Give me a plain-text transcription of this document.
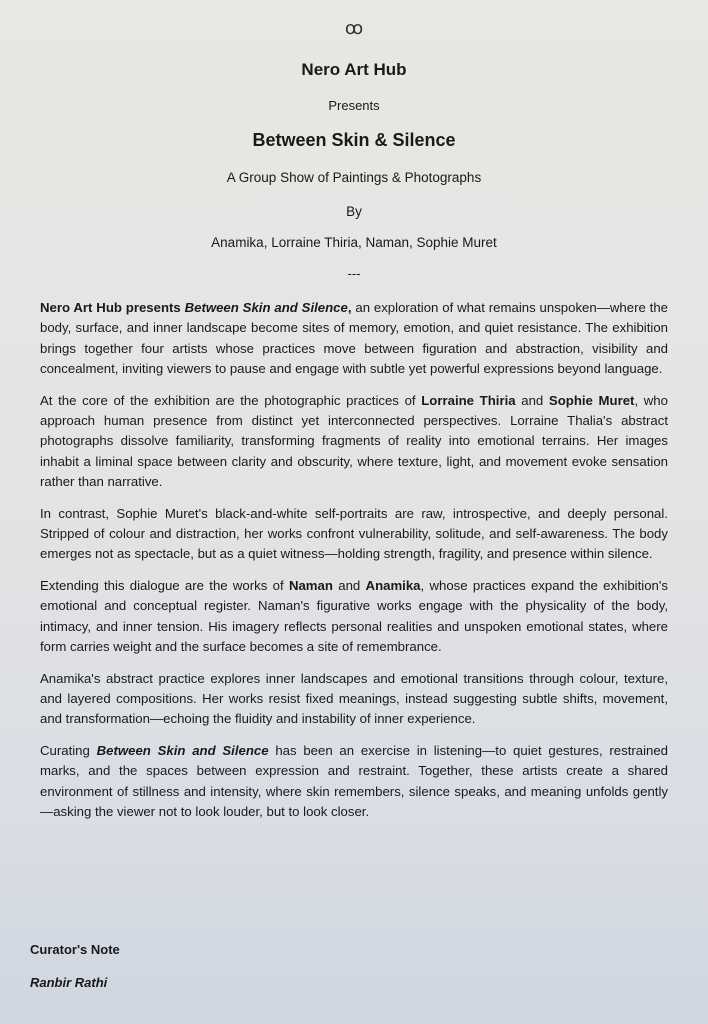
ꝏ
Nero Art Hub
Presents
Between Skin & Silence
A Group Show of Paintings & Photographs
By
Anamika, Lorraine Thiria, Naman, Sophie Muret
---

Nero Art Hub presents Between Skin and Silence, an exploration of what remains unspoken—where the body, surface, and inner landscape become sites of memory, emotion, and quiet resistance. The exhibition brings together four artists whose practices move between figuration and abstraction, visibility and concealment, inviting viewers to pause and engage with subtle yet powerful expressions beyond language.

At the core of the exhibition are the photographic practices of Lorraine Thiria and Sophie Muret, who approach human presence from distinct yet interconnected perspectives. Lorraine Thalia's abstract photographs dissolve familiarity, transforming fragments of reality into emotional terrains. Her images inhabit a liminal space between clarity and obscurity, where texture, light, and movement evoke sensation rather than narrative.

In contrast, Sophie Muret's black-and-white self-portraits are raw, introspective, and deeply personal. Stripped of colour and distraction, her works confront vulnerability, solitude, and self-awareness. The body emerges not as spectacle, but as a quiet witness—holding strength, fragility, and presence within silence.

Extending this dialogue are the works of Naman and Anamika, whose practices expand the exhibition's emotional and conceptual register. Naman's figurative works engage with the physicality of the body, intimacy, and inner tension. His imagery reflects personal realities and unspoken emotional states, where form carries weight and the surface becomes a site of remembrance.

Anamika's abstract practice explores inner landscapes and emotional transitions through colour, texture, and layered compositions. Her works resist fixed meanings, instead suggesting subtle shifts, movement, and transformation—echoing the fluidity and instability of inner experience.

Curating Between Skin and Silence has been an exercise in listening—to quiet gestures, restrained marks, and the spaces between expression and restraint. Together, these artists create a shared environment of stillness and intensity, where skin remembers, silence speaks, and meaning unfolds gently—asking the viewer not to look louder, but to look closer.

Curator's Note
Ranbir Rathi
